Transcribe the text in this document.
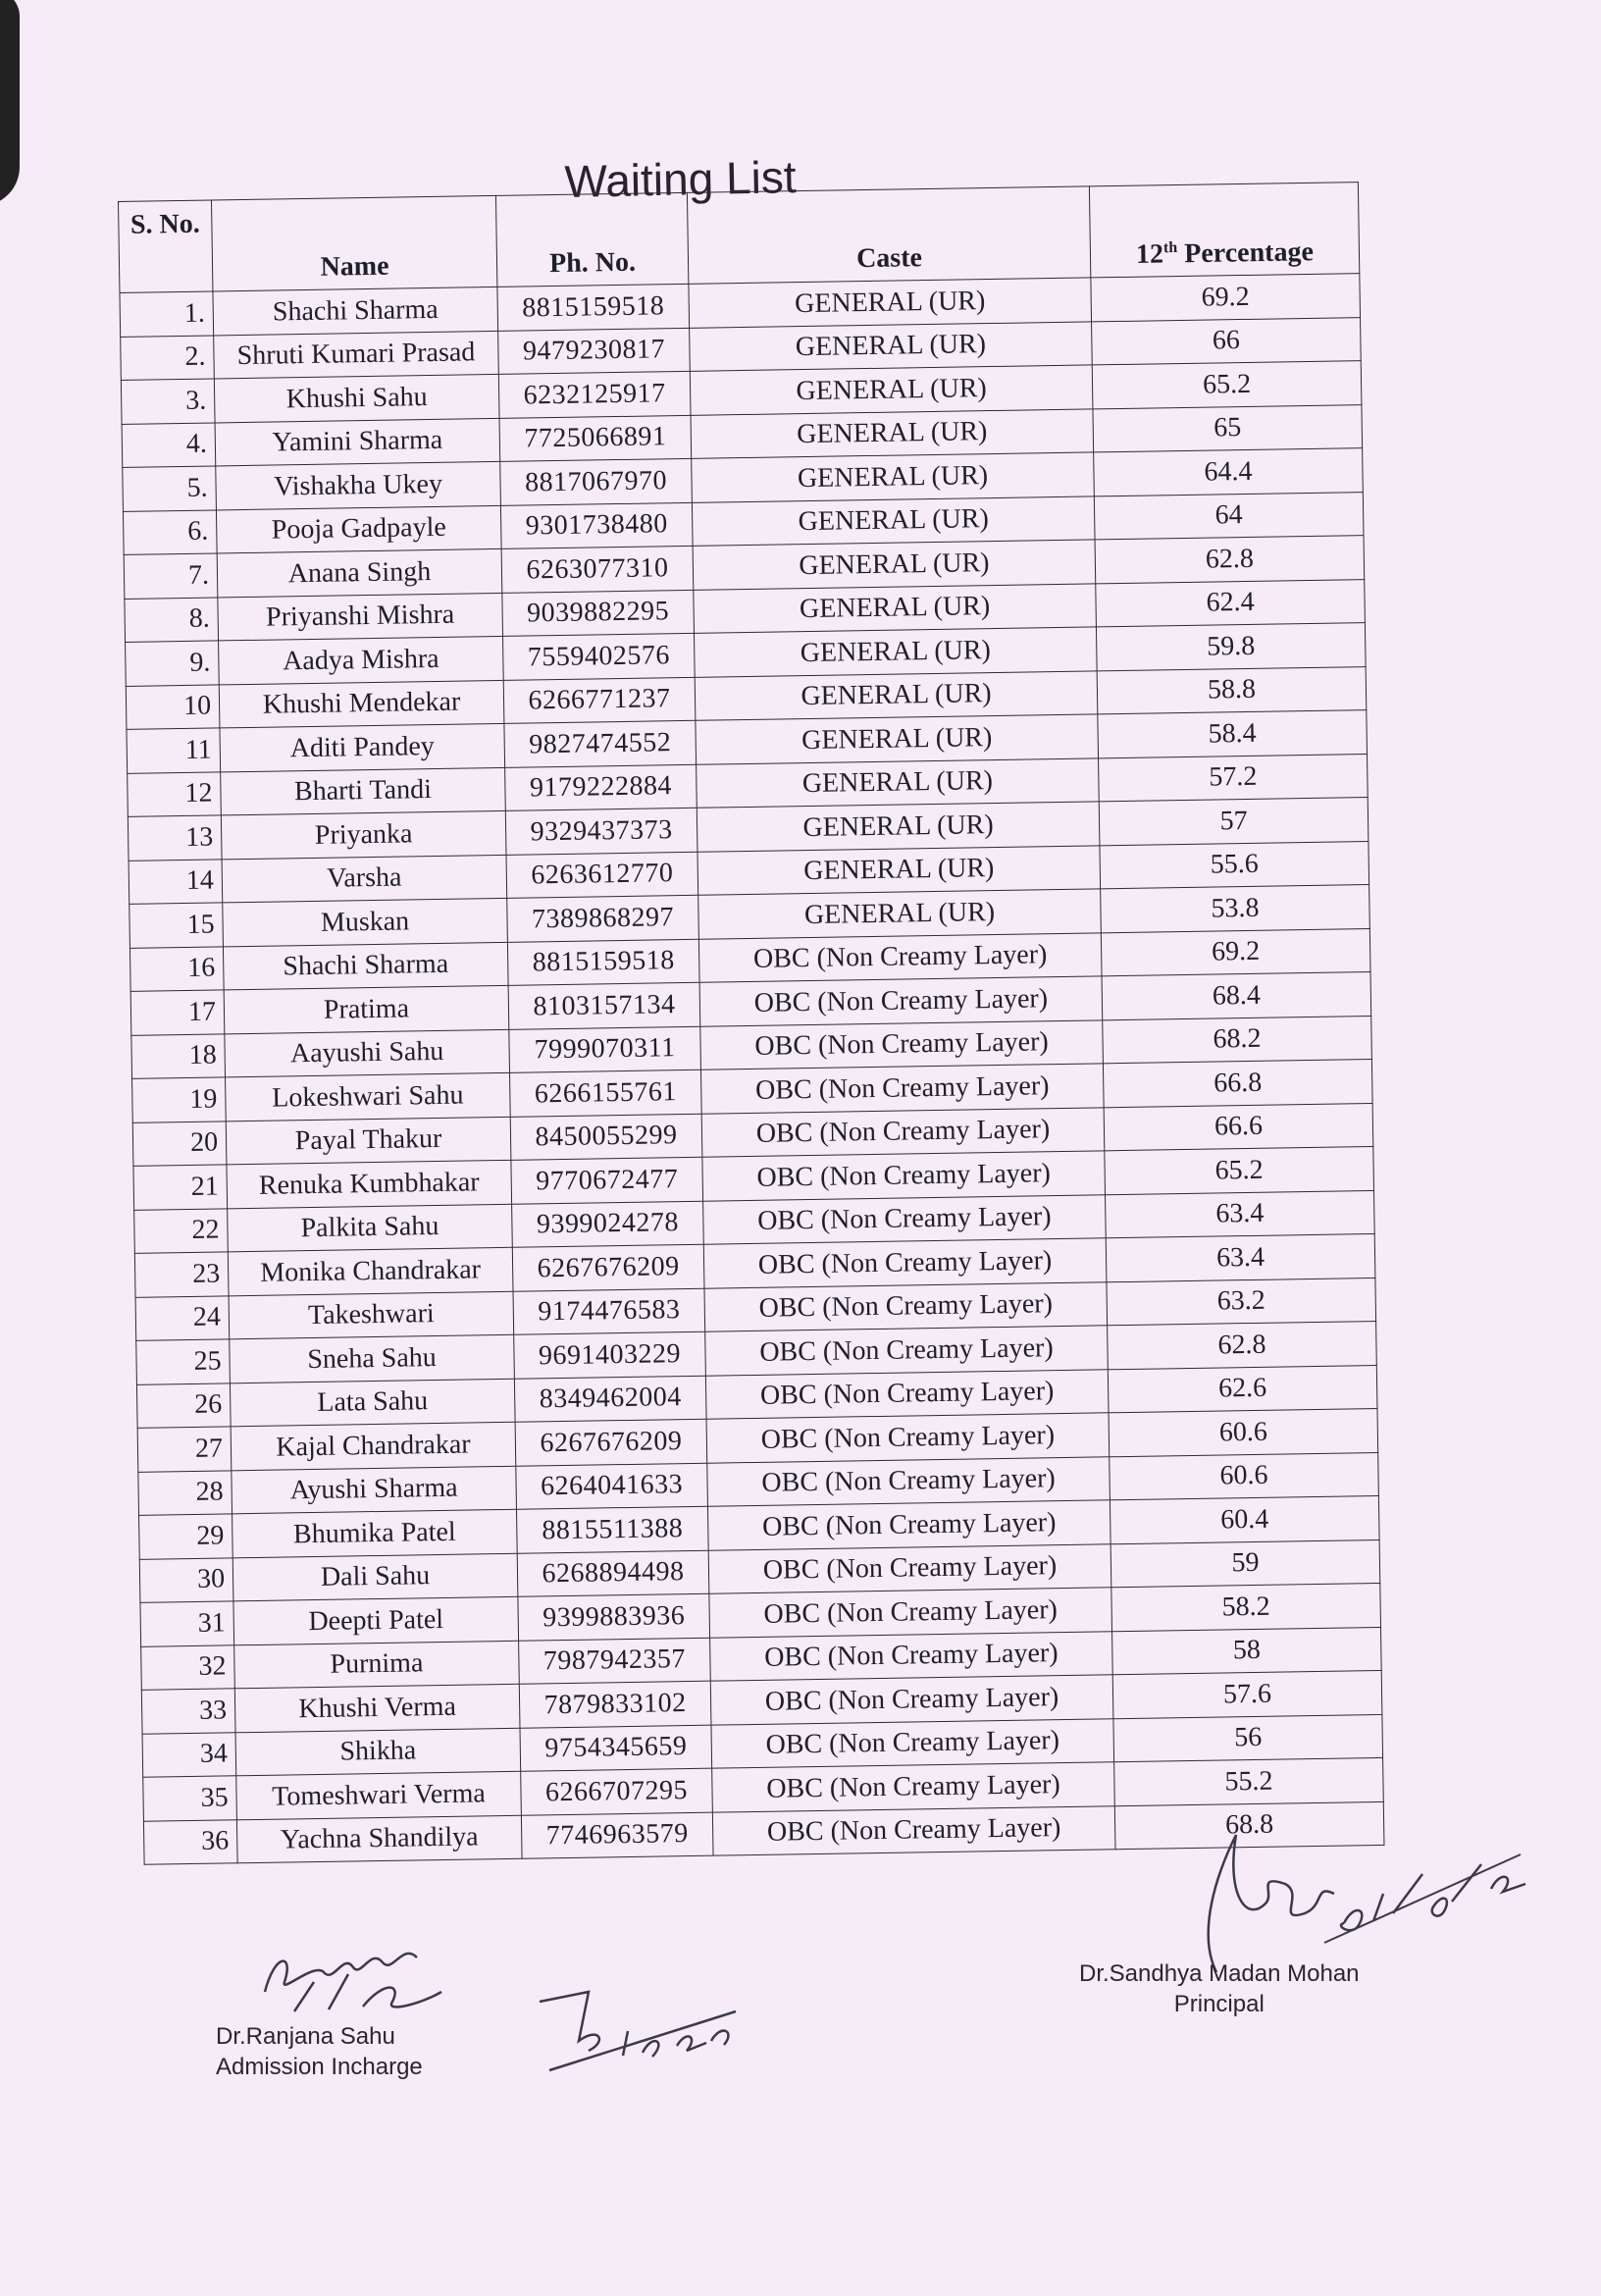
Waiting List
S. No.	Name	Ph. No.	Caste	12th Percentage
1.	Shachi Sharma	8815159518	GENERAL (UR)	69.2
2.	Shruti Kumari Prasad	9479230817	GENERAL (UR)	66
3.	Khushi Sahu	6232125917	GENERAL (UR)	65.2
4.	Yamini Sharma	7725066891	GENERAL (UR)	65
5.	Vishakha Ukey	8817067970	GENERAL (UR)	64.4
6.	Pooja Gadpayle	9301738480	GENERAL (UR)	64
7.	Anana Singh	6263077310	GENERAL (UR)	62.8
8.	Priyanshi Mishra	9039882295	GENERAL (UR)	62.4
9.	Aadya Mishra	7559402576	GENERAL (UR)	59.8
10	Khushi Mendekar	6266771237	GENERAL (UR)	58.8
11	Aditi Pandey	9827474552	GENERAL (UR)	58.4
12	Bharti Tandi	9179222884	GENERAL (UR)	57.2
13	Priyanka	9329437373	GENERAL (UR)	57
14	Varsha	6263612770	GENERAL (UR)	55.6
15	Muskan	7389868297	GENERAL (UR)	53.8
16	Shachi Sharma	8815159518	OBC (Non Creamy Layer)	69.2
17	Pratima	8103157134	OBC (Non Creamy Layer)	68.4
18	Aayushi Sahu	7999070311	OBC (Non Creamy Layer)	68.2
19	Lokeshwari Sahu	6266155761	OBC (Non Creamy Layer)	66.8
20	Payal Thakur	8450055299	OBC (Non Creamy Layer)	66.6
21	Renuka Kumbhakar	9770672477	OBC (Non Creamy Layer)	65.2
22	Palkita Sahu	9399024278	OBC (Non Creamy Layer)	63.4
23	Monika Chandrakar	6267676209	OBC (Non Creamy Layer)	63.4
24	Takeshwari	9174476583	OBC (Non Creamy Layer)	63.2
25	Sneha Sahu	9691403229	OBC (Non Creamy Layer)	62.8
26	Lata Sahu	8349462004	OBC (Non Creamy Layer)	62.6
27	Kajal Chandrakar	6267676209	OBC (Non Creamy Layer)	60.6
28	Ayushi Sharma	6264041633	OBC (Non Creamy Layer)	60.6
29	Bhumika Patel	8815511388	OBC (Non Creamy Layer)	60.4
30	Dali Sahu	6268894498	OBC (Non Creamy Layer)	59
31	Deepti Patel	9399883936	OBC (Non Creamy Layer)	58.2
32	Purnima	7987942357	OBC (Non Creamy Layer)	58
33	Khushi Verma	7879833102	OBC (Non Creamy Layer)	57.6
34	Shikha	9754345659	OBC (Non Creamy Layer)	56
35	Tomeshwari Verma	6266707295	OBC (Non Creamy Layer)	55.2
36	Yachna Shandilya	7746963579	OBC (Non Creamy Layer)	68.8
Dr.Ranjana Sahu
Admission Incharge
Dr.Sandhya Madan Mohan
Principal
